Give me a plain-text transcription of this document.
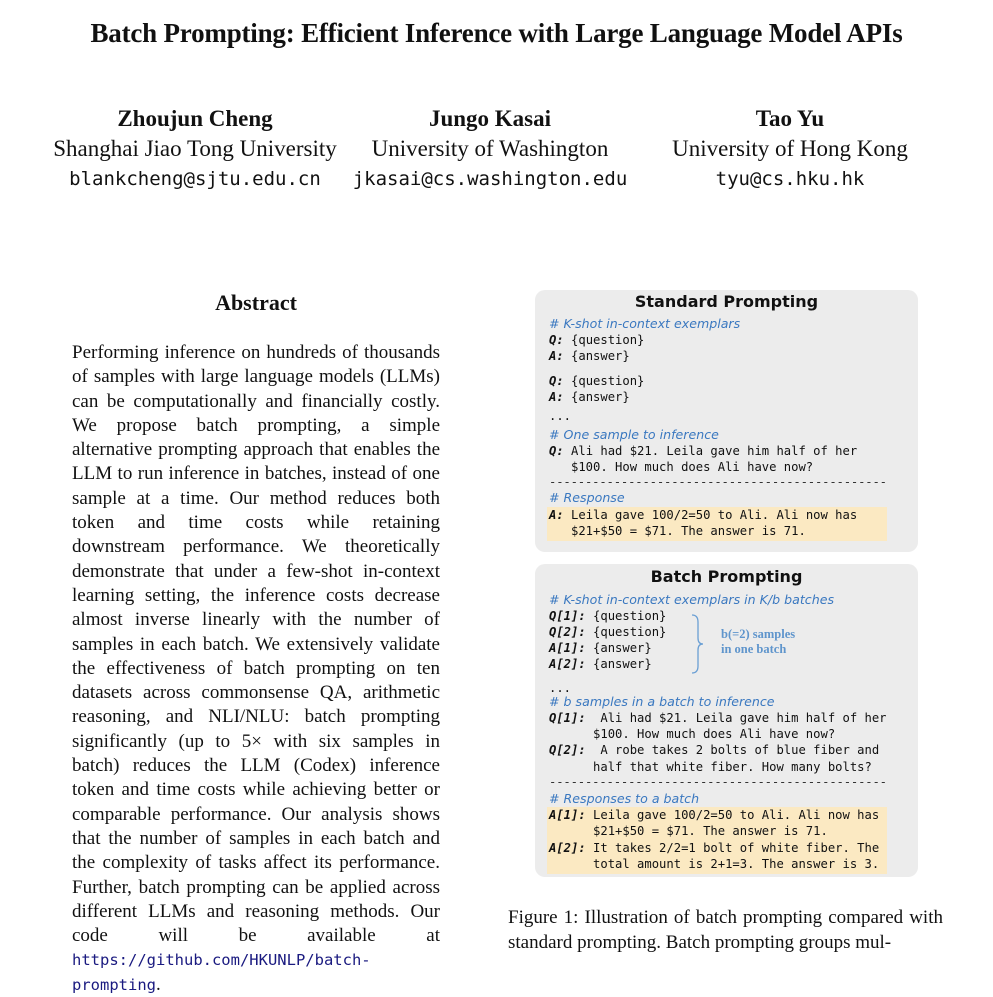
Batch Prompting: Efficient Inference with Large Language Model APIs
Zhoujun Cheng
Shanghai Jiao Tong University
blankcheng@sjtu.edu.cn
Jungo Kasai
University of Washington
jkasai@cs.washington.edu
Tao Yu
University of Hong Kong
tyu@cs.hku.hk
Abstract
Performing inference on hundreds of thousands of samples with large language models (LLMs) can be computationally and financially costly. We propose batch prompting, a simple alternative prompting approach that enables the LLM to run inference in batches, instead of one sample at a time. Our method reduces both token and time costs while retaining downstream performance. We theoretically demonstrate that under a few-shot in-context learning setting, the inference costs decrease almost inverse linearly with the number of samples in each batch. We extensively validate the effectiveness of batch prompting on ten datasets across commonsense QA, arithmetic reasoning, and NLI/NLU: batch prompting significantly (up to 5× with six samples in batch) reduces the LLM (Codex) inference token and time costs while achieving better or comparable performance. Our analysis shows that the number of samples in each batch and the complexity of tasks affect its performance. Further, batch prompting can be applied across different LLMs and reasoning methods. Our code will be available at https://github.com/HKUNLP/batch-prompting.
Standard Prompting
# K-shot in-context exemplars
Q: {question}
A: {answer}
Q: {question}
A: {answer}
...
# One sample to inference
Q: Ali had $21. Leila gave him half of her
$100. How much does Ali have now?
-----------------------------------------------
# Response
A: Leila gave 100/2=50 to Ali. Ali now has
$21+$50 = $71. The answer is 71.
Batch Prompting
# K-shot in-context exemplars in K/b batches
Q[1]: {question}
Q[2]: {question}
A[1]: {answer}
A[2]: {answer}
...
# b samples in a batch to inference
Q[1]:  Ali had $21. Leila gave him half of her
$100. How much does Ali have now?
Q[2]:  A robe takes 2 bolts of blue fiber and
half that white fiber. How many bolts?
-----------------------------------------------
# Responses to a batch
A[1]: Leila gave 100/2=50 to Ali. Ali now has
$21+$50 = $71. The answer is 71.
A[2]: It takes 2/2=1 bolt of white fiber. The
total amount is 2+1=3. The answer is 3.
b(=2) samples
in one batch
Figure 1: Illustration of batch prompting compared with standard prompting. Batch prompting groups mul-
